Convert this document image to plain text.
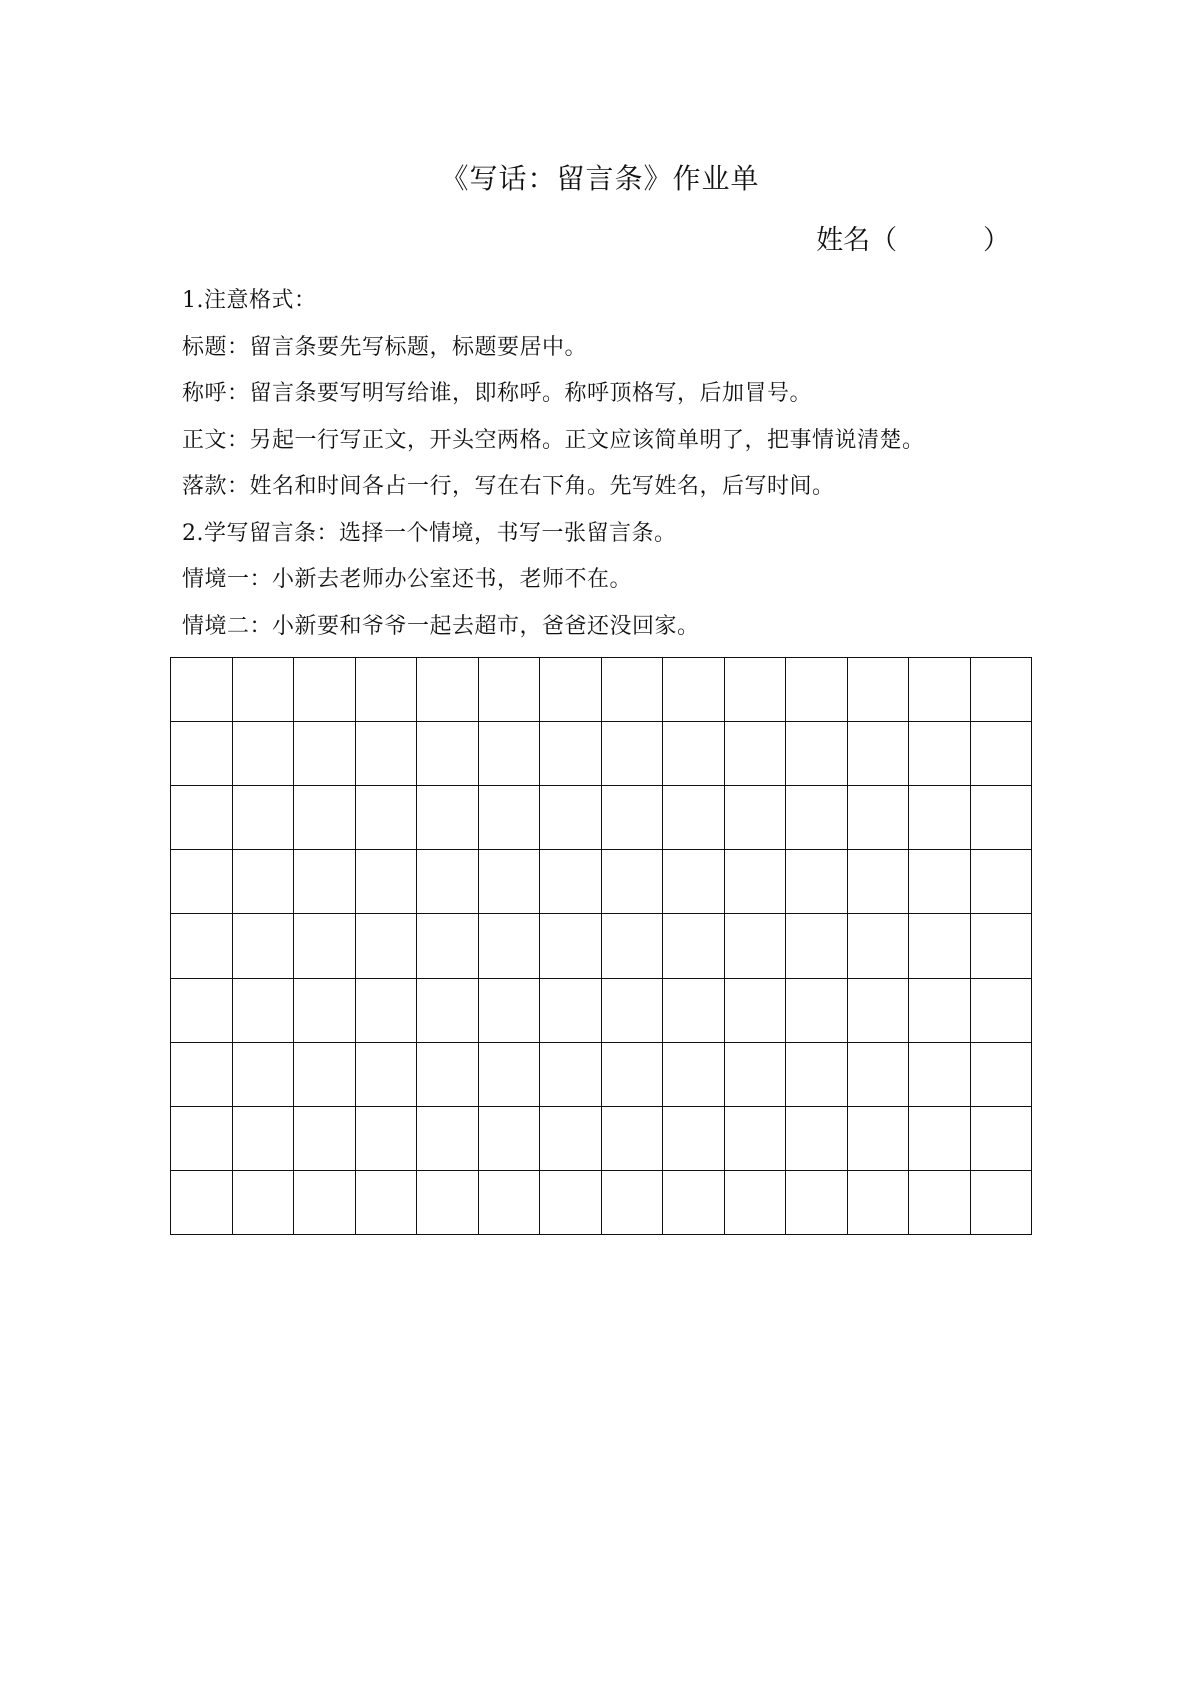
《写话：留言条》作业单
姓名（          ）
1.注意格式：
标题：留言条要先写标题，标题要居中。
称呼：留言条要写明写给谁，即称呼。称呼顶格写，后加冒号。
正文：另起一行写正文，开头空两格。正文应该简单明了，把事情说清楚。
落款：姓名和时间各占一行，写在右下角。先写姓名，后写时间。
2.学写留言条：选择一个情境，书写一张留言条。
情境一：小新去老师办公室还书，老师不在。
情境二：小新要和爷爷一起去超市，爸爸还没回家。
